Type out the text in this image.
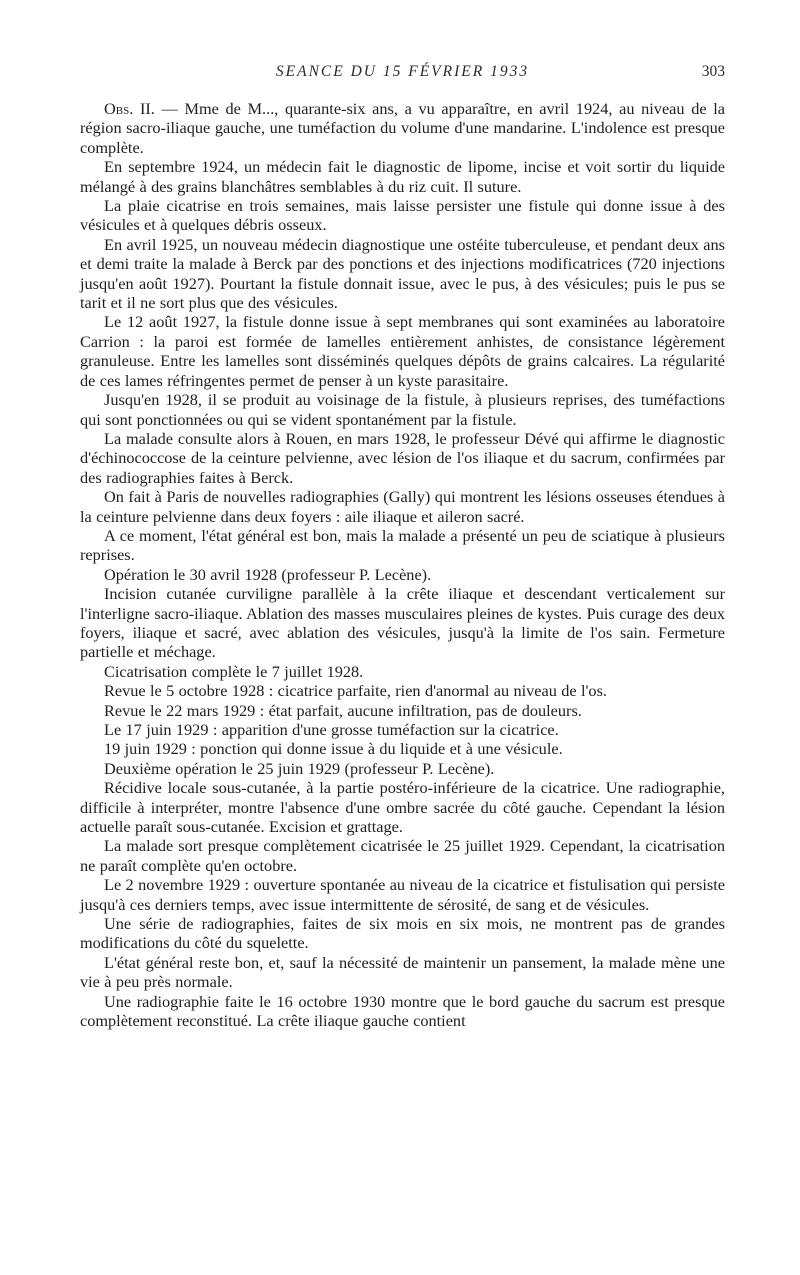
SEANCE DU 15 FÉVRIER 1933	303

Obs. II. — Mme de M..., quarante-six ans, a vu apparaître, en avril 1924, au niveau de la région sacro-iliaque gauche, une tuméfaction du volume d'une mandarine. L'indolence est presque complète.

En septembre 1924, un médecin fait le diagnostic de lipome, incise et voit sortir du liquide mélangé à des grains blanchâtres semblables à du riz cuit. Il suture.

La plaie cicatrise en trois semaines, mais laisse persister une fistule qui donne issue à des vésicules et à quelques débris osseux.

En avril 1925, un nouveau médecin diagnostique une ostéite tuberculeuse, et pendant deux ans et demi traite la malade à Berck par des ponctions et des injections modificatrices (720 injections jusqu'en août 1927). Pourtant la fistule donnait issue, avec le pus, à des vésicules; puis le pus se tarit et il ne sort plus que des vésicules.

Le 12 août 1927, la fistule donne issue à sept membranes qui sont examinées au laboratoire Carrion : la paroi est formée de lamelles entièrement anhistes, de consistance légèrement granuleuse. Entre les lamelles sont disséminés quelques dépôts de grains calcaires. La régularité de ces lames réfringentes permet de penser à un kyste parasitaire.

Jusqu'en 1928, il se produit au voisinage de la fistule, à plusieurs reprises, des tuméfactions qui sont ponctionnées ou qui se vident spontanément par la fistule.

La malade consulte alors à Rouen, en mars 1928, le professeur Dévé qui affirme le diagnostic d'échinococcose de la ceinture pelvienne, avec lésion de l'os iliaque et du sacrum, confirmées par des radiographies faites à Berck.

On fait à Paris de nouvelles radiographies (Gally) qui montrent les lésions osseuses étendues à la ceinture pelvienne dans deux foyers : aile iliaque et aileron sacré.

A ce moment, l'état général est bon, mais la malade a présenté un peu de sciatique à plusieurs reprises.

Opération le 30 avril 1928 (professeur P. Lecène).

Incision cutanée curviligne parallèle à la crête iliaque et descendant verticalement sur l'interligne sacro-iliaque. Ablation des masses musculaires pleines de kystes. Puis curage des deux foyers, iliaque et sacré, avec ablation des vésicules, jusqu'à la limite de l'os sain. Fermeture partielle et méchage.

Cicatrisation complète le 7 juillet 1928.

Revue le 5 octobre 1928 : cicatrice parfaite, rien d'anormal au niveau de l'os.

Revue le 22 mars 1929 : état parfait, aucune infiltration, pas de douleurs.

Le 17 juin 1929 : apparition d'une grosse tuméfaction sur la cicatrice.

19 juin 1929 : ponction qui donne issue à du liquide et à une vésicule.

Deuxième opération le 25 juin 1929 (professeur P. Lecène).

Récidive locale sous-cutanée, à la partie postéro-inférieure de la cicatrice. Une radiographie, difficile à interpréter, montre l'absence d'une ombre sacrée du côté gauche. Cependant la lésion actuelle paraît sous-cutanée. Excision et grattage.

La malade sort presque complètement cicatrisée le 25 juillet 1929. Cependant, la cicatrisation ne paraît complète qu'en octobre.

Le 2 novembre 1929 : ouverture spontanée au niveau de la cicatrice et fistulisation qui persiste jusqu'à ces derniers temps, avec issue intermittente de sérosité, de sang et de vésicules.

Une série de radiographies, faites de six mois en six mois, ne montrent pas de grandes modifications du côté du squelette.

L'état général reste bon, et, sauf la nécessité de maintenir un pansement, la malade mène une vie à peu près normale.

Une radiographie faite le 16 octobre 1930 montre que le bord gauche du sacrum est presque complètement reconstitué. La crête iliaque gauche contient
